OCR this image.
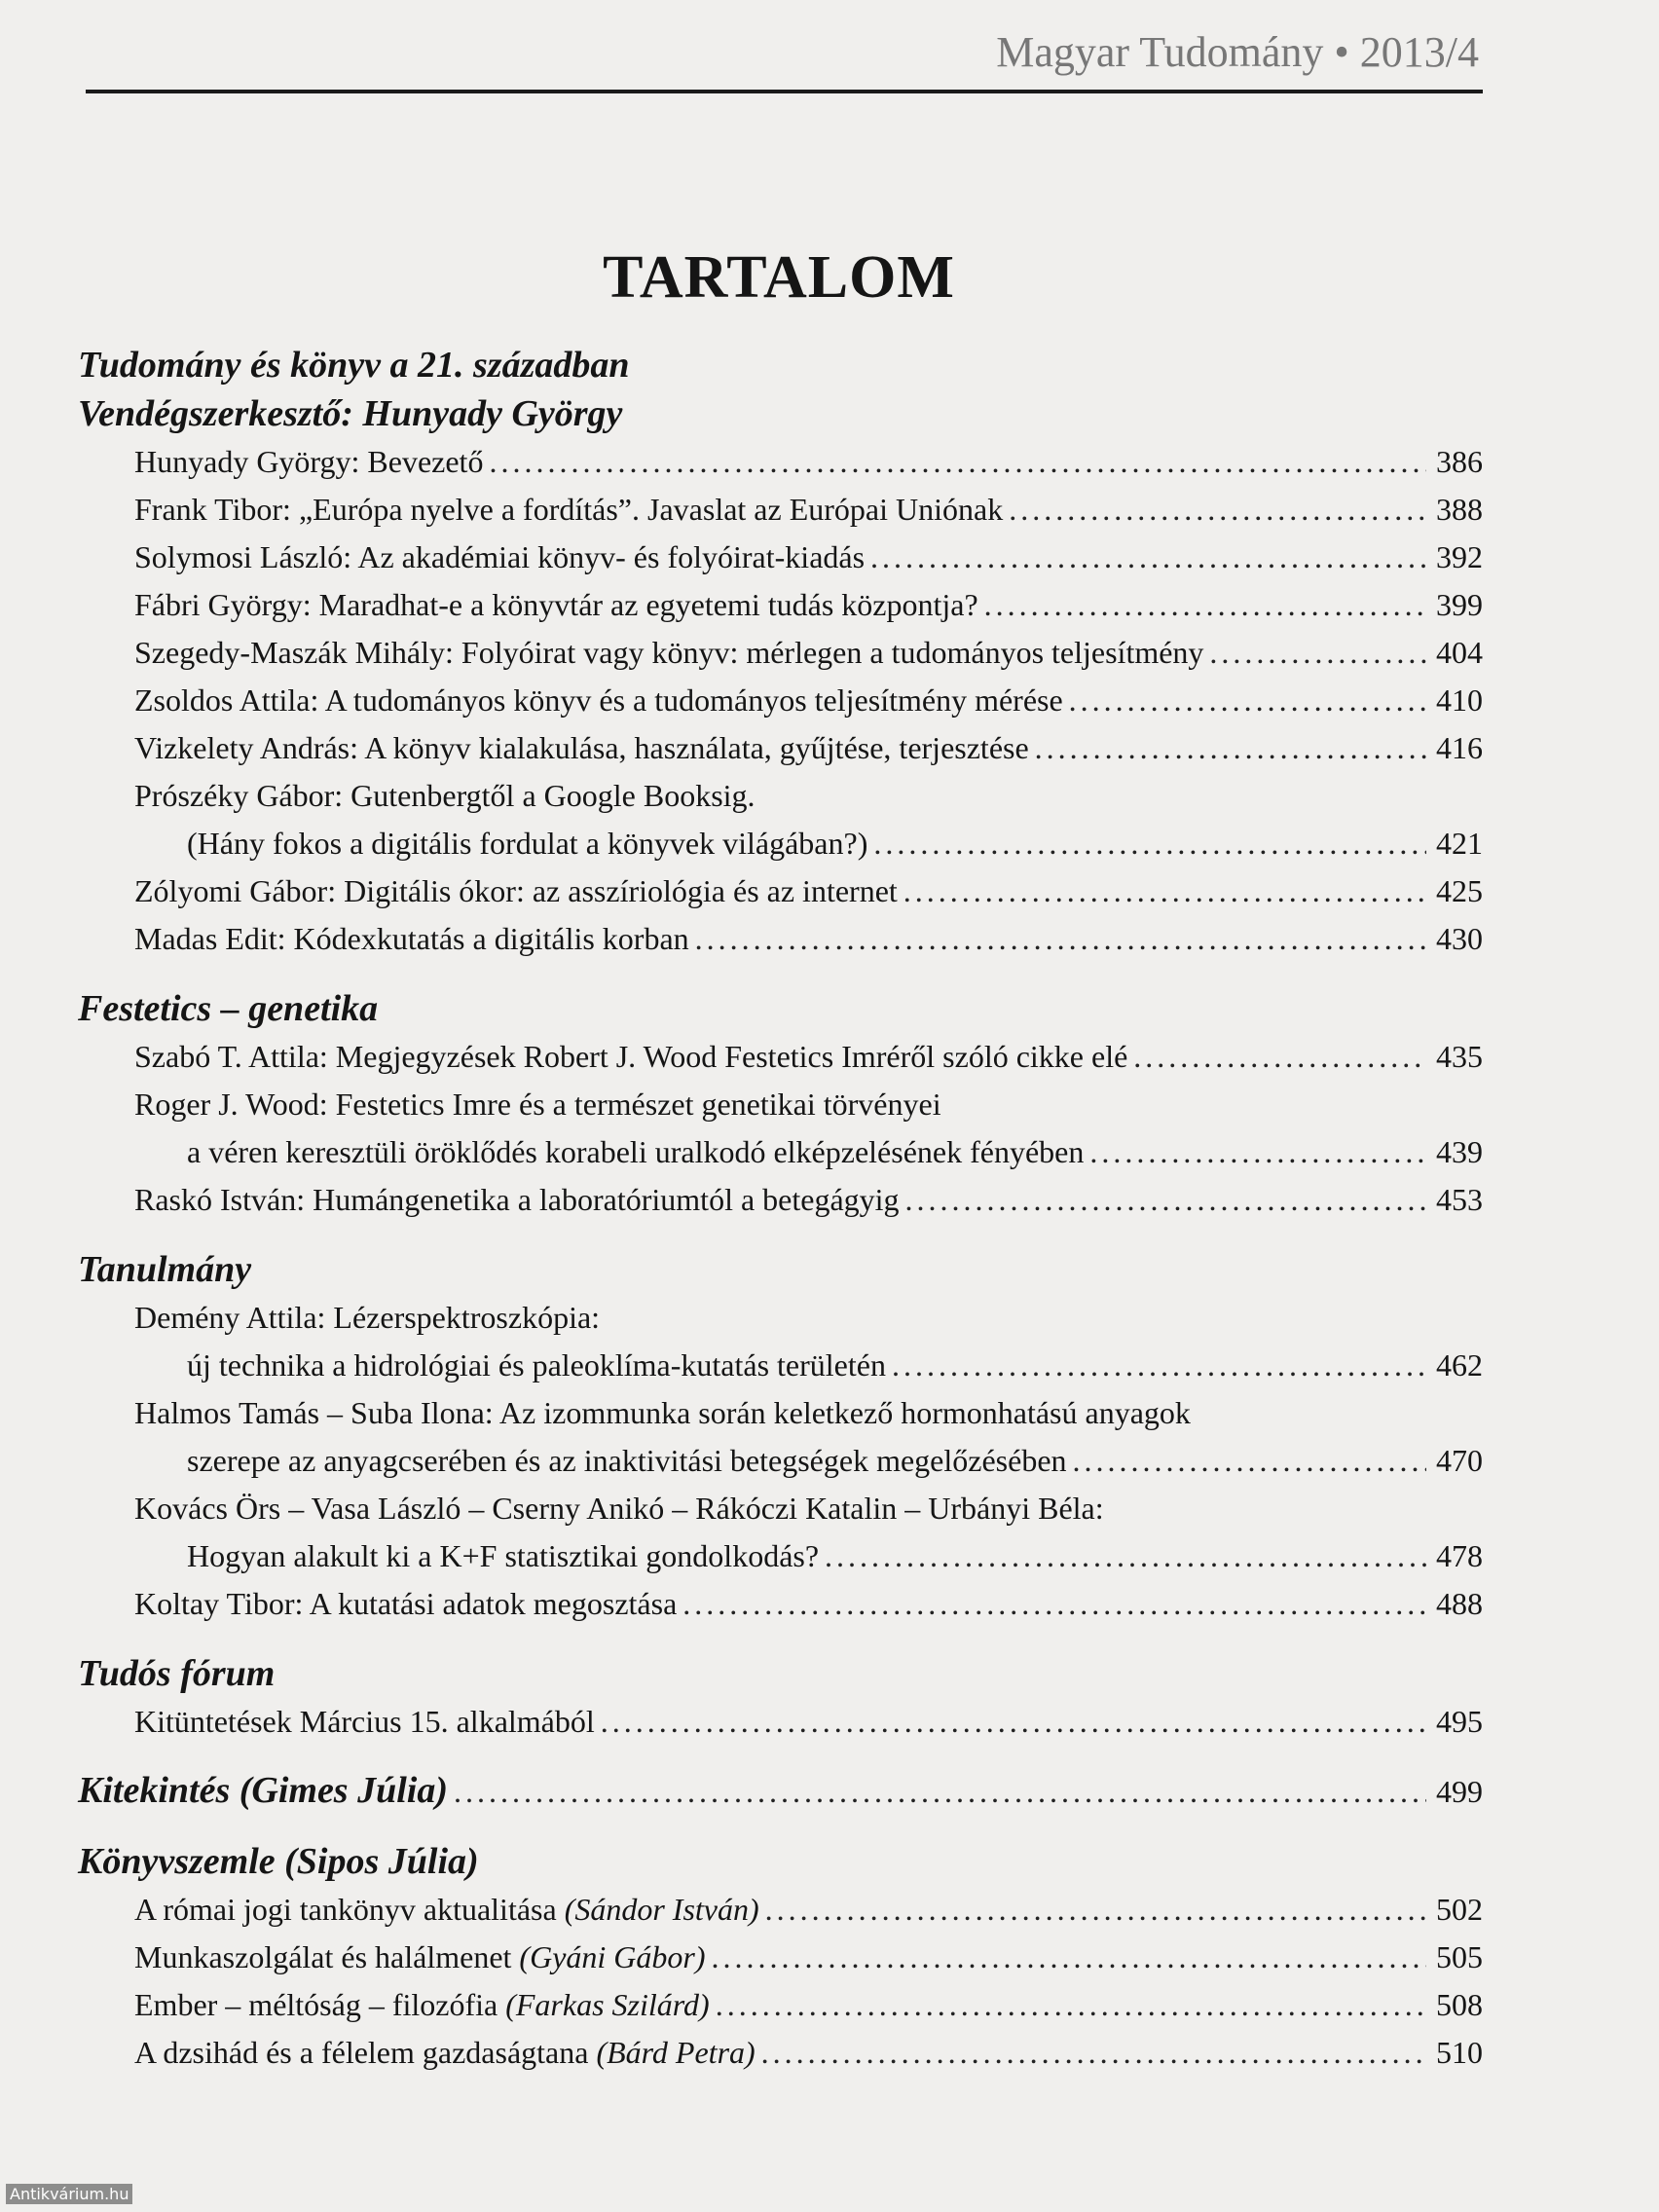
Magyar Tudomány • 2013/4
TARTALOM

Tudomány és könyv a 21. században

Vendégszerkesztő: Hunyady György

Hunyady György: Bevezető .....	386
Frank Tibor: „Európa nyelve a fordítás”. Javaslat az Európai Uniónak .....	388
Solymosi László: Az akadémiai könyv- és folyóirat-kiadás .....	392
Fábri György: Maradhat-e a könyvtár az egyetemi tudás központja? .....	399
Szegedy-Maszák Mihály: Folyóirat vagy könyv: mérlegen a tudományos teljesítmény .....	404
Zsoldos Attila: A tudományos könyv és a tudományos teljesítmény mérése .....	410
Vizkelety András: A könyv kialakulása, használata, gyűjtése, terjesztése .....	416
Prószéky Gábor: Gutenbergtől a Google Booksig.
(Hány fokos a digitális fordulat a könyvek világában?) .....	421
Zólyomi Gábor: Digitális ókor: az asszíriológia és az internet .....	425
Madas Edit: Kódexkutatás a digitális korban .....	430

Festetics – genetika

Szabó T. Attila: Megjegyzések Robert J. Wood Festetics Imréről szóló cikke elé .....	435
Roger J. Wood: Festetics Imre és a természet genetikai törvényei
a véren keresztüli öröklődés korabeli uralkodó elképzelésének fényében .....	439
Raskó István: Humángenetika a laboratóriumtól a betegágyig .....	453

Tanulmány

Demény Attila: Lézerspektroszkópia:
új technika a hidrológiai és paleoklíma-kutatás területén .....	462
Halmos Tamás – Suba Ilona: Az izommunka során keletkező hormonhatású anyagok
szerepe az anyagcserében és az inaktivitási betegségek megelőzésében .....	470
Kovács Örs – Vasa László – Cserny Anikó – Rákóczi Katalin – Urbányi Béla:
Hogyan alakult ki a K+F statisztikai gondolkodás? .....	478
Koltay Tibor: A kutatási adatok megosztása .....	488

Tudós fórum

Kitüntetések Március 15. alkalmából .....	495
Kitekintés (Gimes Júlia) .....	499

Könyvszemle (Sipos Júlia)

A római jogi tankönyv aktualitása (Sándor István) .....	502
Munkaszolgálat és halálmenet (Gyáni Gábor) .....	505
Ember – méltóság – filozófia (Farkas Szilárd) .....	508
A dzsihád és a félelem gazdaságtana (Bárd Petra) .....	510
Antikvárium.hu
